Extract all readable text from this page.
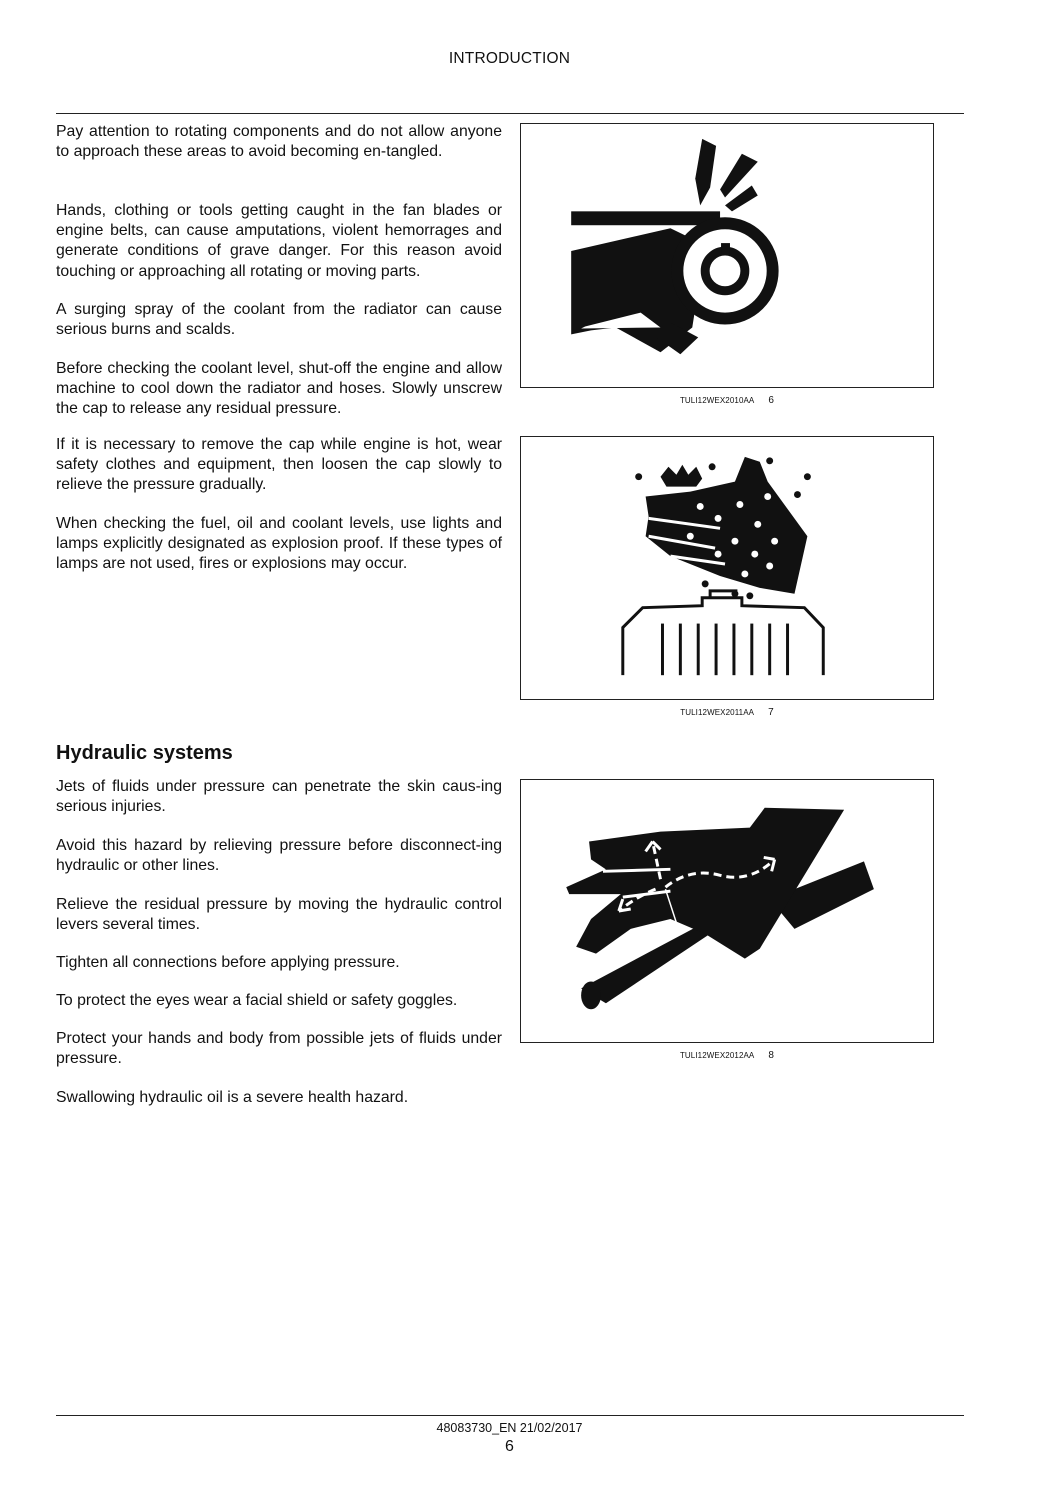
INTRODUCTION

Pay attention to rotating components and do not allow anyone to approach these areas to avoid becoming en-tangled.

Hands, clothing or tools getting caught in the fan blades or engine belts, can cause amputations, violent hemorrages and generate conditions of grave danger. For this reason avoid touching or approaching all rotating or moving parts.

A surging spray of the coolant from the radiator can cause serious burns and scalds.

Before checking the coolant level, shut-off the engine and allow machine to cool down the radiator and hoses. Slowly unscrew the cap to release any residual pressure.

If it is necessary to remove the cap while engine is hot, wear safety clothes and equipment, then loosen the cap slowly to relieve the pressure gradually.

When checking the fuel, oil and coolant levels, use lights and lamps explicitly designated as explosion proof. If these types of lamps are not used, fires or explosions may occur.

Hydraulic systems

Jets of fluids under pressure can penetrate the skin caus-ing serious injuries.

Avoid this hazard by relieving pressure before disconnect-ing hydraulic or other lines.

Relieve the residual pressure by moving the hydraulic control levers several times.

Tighten all connections before applying pressure.

To protect the eyes wear a facial shield or safety goggles.

Protect your hands and body from possible jets of fluids under pressure.

Swallowing hydraulic oil is a severe health hazard.

TULI12WEX2010AA 6
TULI12WEX2011AA 7
TULI12WEX2012AA 8
48083730_EN 21/02/2017
6
